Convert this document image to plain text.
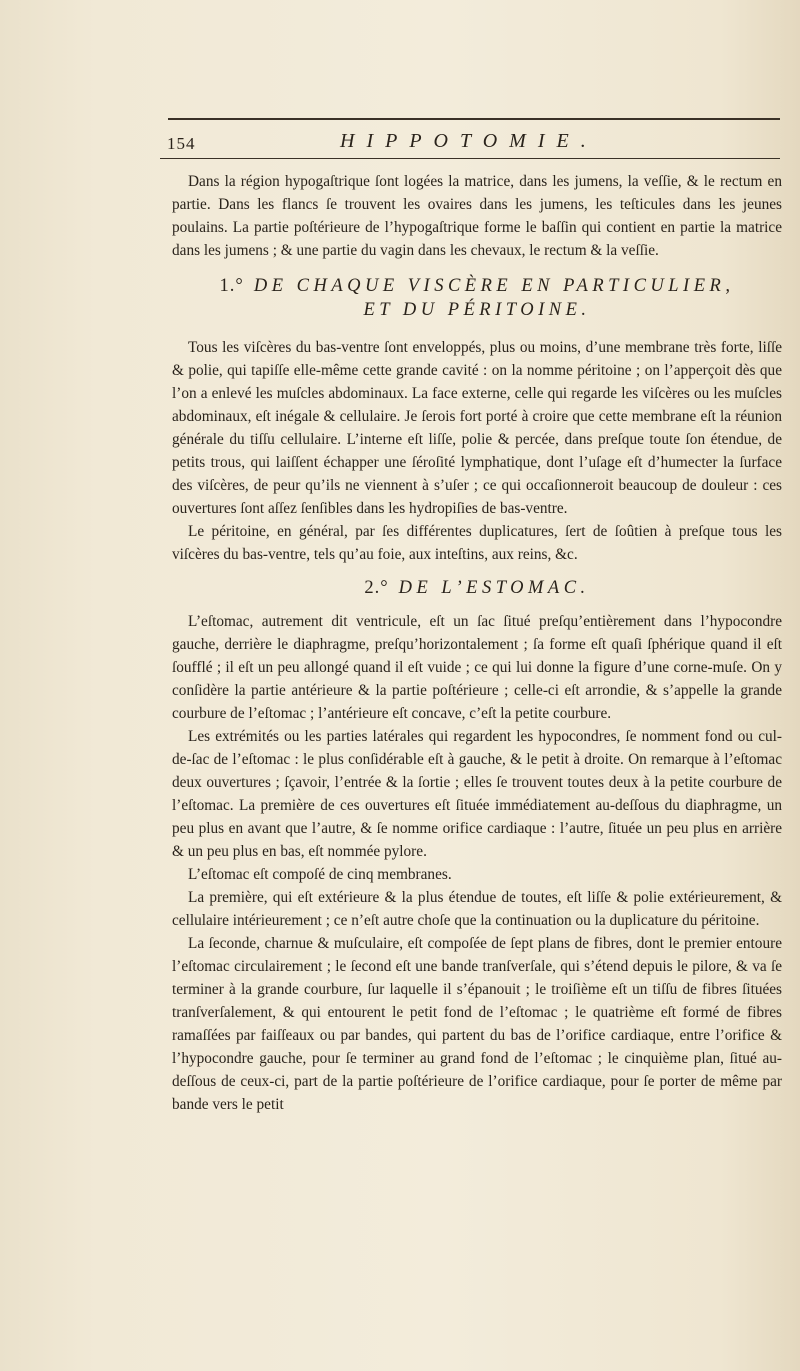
154	HIPPOTOMIE.

Dans la région hypogaſtrique ſont logées la matrice, dans les jumens, la veſſie, & le rectum en partie. Dans les flancs ſe trouvent les ovaires dans les jumens, les teſticules dans les jeunes poulains. La partie poſtérieure de l’hypogaſtrique forme le baſſin qui contient en partie la matrice dans les jumens ; & une partie du vagin dans les chevaux, le rectum & la veſſie.

1.° DE CHAQUE VISCÈRE EN PARTICULIER,
ET DU PÉRITOINE.

Tous les viſcères du bas-ventre ſont enveloppés, plus ou moins, d’une membrane très forte, liſſe & polie, qui tapiſſe elle-même cette grande cavité : on la nomme péritoine ; on l’apperçoit dès que l’on a enlevé les muſcles abdominaux. La face externe, celle qui regarde les viſcères ou les muſcles abdominaux, eſt inégale & cellulaire. Je ſerois fort porté à croire que cette membrane eſt la réunion générale du tiſſu cellulaire. L’interne eſt liſſe, polie & percée, dans preſque toute ſon étendue, de petits trous, qui laiſſent échapper une ſéroſité lymphatique, dont l’uſage eſt d’humecter la ſurface des viſcères, de peur qu’ils ne viennent à s’uſer ; ce qui occaſionneroit beaucoup de douleur : ces ouvertures ſont aſſez ſenſibles dans les hydropiſies de bas-ventre.

Le péritoine, en général, par ſes différentes duplicatures, ſert de ſoûtien à preſque tous les viſcères du bas-ventre, tels qu’au foie, aux inteſtins, aux reins, &c.

2.° DE L’ESTOMAC.

L’eſtomac, autrement dit ventricule, eſt un ſac ſitué preſqu’entièrement dans l’hypocondre gauche, derrière le diaphragme, preſqu’horizontalement ; ſa forme eſt quaſi ſphérique quand il eſt ſoufflé ; il eſt un peu allongé quand il eſt vuide ; ce qui lui donne la figure d’une corne-muſe. On y conſidère la partie antérieure & la partie poſtérieure ; celle-ci eſt arrondie, & s’appelle la grande courbure de l’eſtomac ; l’antérieure eſt concave, c’eſt la petite courbure.

Les extrémités ou les parties latérales qui regardent les hypocondres, ſe nomment fond ou cul-de-ſac de l’eſtomac : le plus conſidérable eſt à gauche, & le petit à droite. On remarque à l’eſtomac deux ouvertures ; ſçavoir, l’entrée & la ſortie ; elles ſe trouvent toutes deux à la petite courbure de l’eſtomac. La première de ces ouvertures eſt ſituée immédiatement au-deſſous du diaphragme, un peu plus en avant que l’autre, & ſe nomme orifice cardiaque : l’autre, ſituée un peu plus en arrière & un peu plus en bas, eſt nommée pylore.

L’eſtomac eſt compoſé de cinq membranes.

La première, qui eſt extérieure & la plus étendue de toutes, eſt liſſe & polie extérieurement, & cellulaire intérieurement ; ce n’eſt autre choſe que la continuation ou la duplicature du péritoine.

La ſeconde, charnue & muſculaire, eſt compoſée de ſept plans de fibres, dont le premier entoure l’eſtomac circulairement ; le ſecond eſt une bande tranſverſale, qui s’étend depuis le pilore, & va ſe terminer à la grande courbure, ſur laquelle il s’épanouit ; le troiſième eſt un tiſſu de fibres ſituées tranſverſalement, & qui entourent le petit fond de l’eſtomac ; le quatrième eſt formé de fibres ramaſſées par faiſſeaux ou par bandes, qui partent du bas de l’orifice cardiaque, entre l’orifice & l’hypocondre gauche, pour ſe terminer au grand fond de l’eſtomac ; le cinquième plan, ſitué au-deſſous de ceux-ci, part de la partie poſtérieure de l’orifice cardiaque, pour ſe porter de même par bande vers le petit
